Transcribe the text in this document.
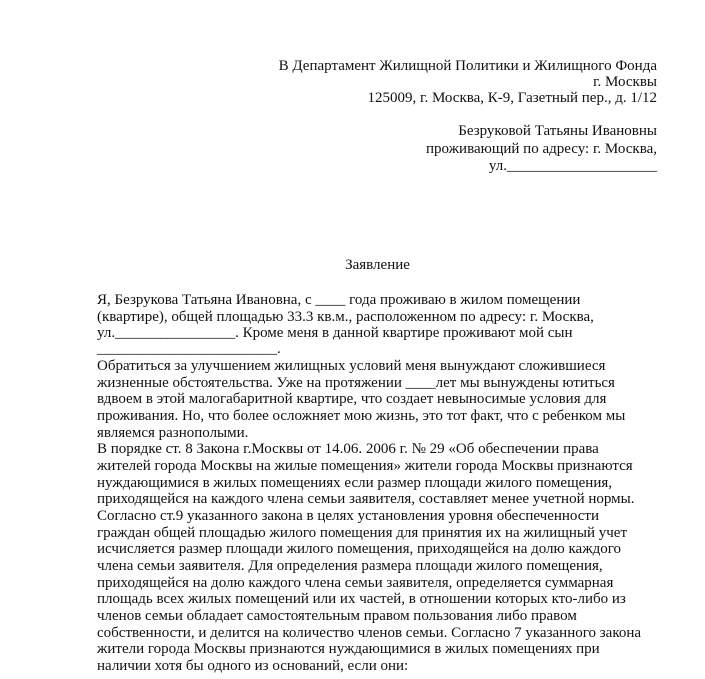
В Департамент Жилищной Политики и Жилищного Фонда
г. Москвы
125009, г. Москва, К-9, Газетный пер., д. 1/12
Безруковой Татьяны Ивановны
проживающий по адресу: г. Москва,
ул.____________________
Заявление
Я, Безрукова Татьяна Ивановна, с ____ года проживаю в жилом помещении
(квартире), общей площадью 33.3 кв.м., расположенном по адресу: г. Москва,
ул.________________. Кроме меня в данной квартире проживают мой сын
________________________.
Обратиться за улучшением жилищных условий меня вынуждают сложившиеся
жизненные обстоятельства. Уже на протяжении ____лет мы вынуждены ютиться
вдвоем в этой малогабаритной квартире, что создает невыносимые условия для
проживания. Но, что более осложняет мою жизнь, это тот факт, что с ребенком мы
являемся разнополыми.
В порядке ст. 8 Закона г.Москвы от 14.06. 2006 г. № 29 «Об обеспечении права
жителей города Москвы на жилые помещения» жители города Москвы признаются
нуждающимися в жилых помещениях если размер площади жилого помещения,
приходящейся на каждого члена семьи заявителя, составляет менее учетной нормы.
Согласно ст.9 указанного закона в целях установления уровня обеспеченности
граждан общей площадью жилого помещения для принятия их на жилищный учет
исчисляется размер площади жилого помещения, приходящейся на долю каждого
члена семьи заявителя. Для определения размера площади жилого помещения,
приходящейся на долю каждого члена семьи заявителя, определяется суммарная
площадь всех жилых помещений или их частей, в отношении которых кто-либо из
членов семьи обладает самостоятельным правом пользования либо правом
собственности, и делится на количество членов семьи. Согласно 7 указанного закона
жители города Москвы признаются нуждающимися в жилых помещениях при
наличии хотя бы одного из оснований, если они:
